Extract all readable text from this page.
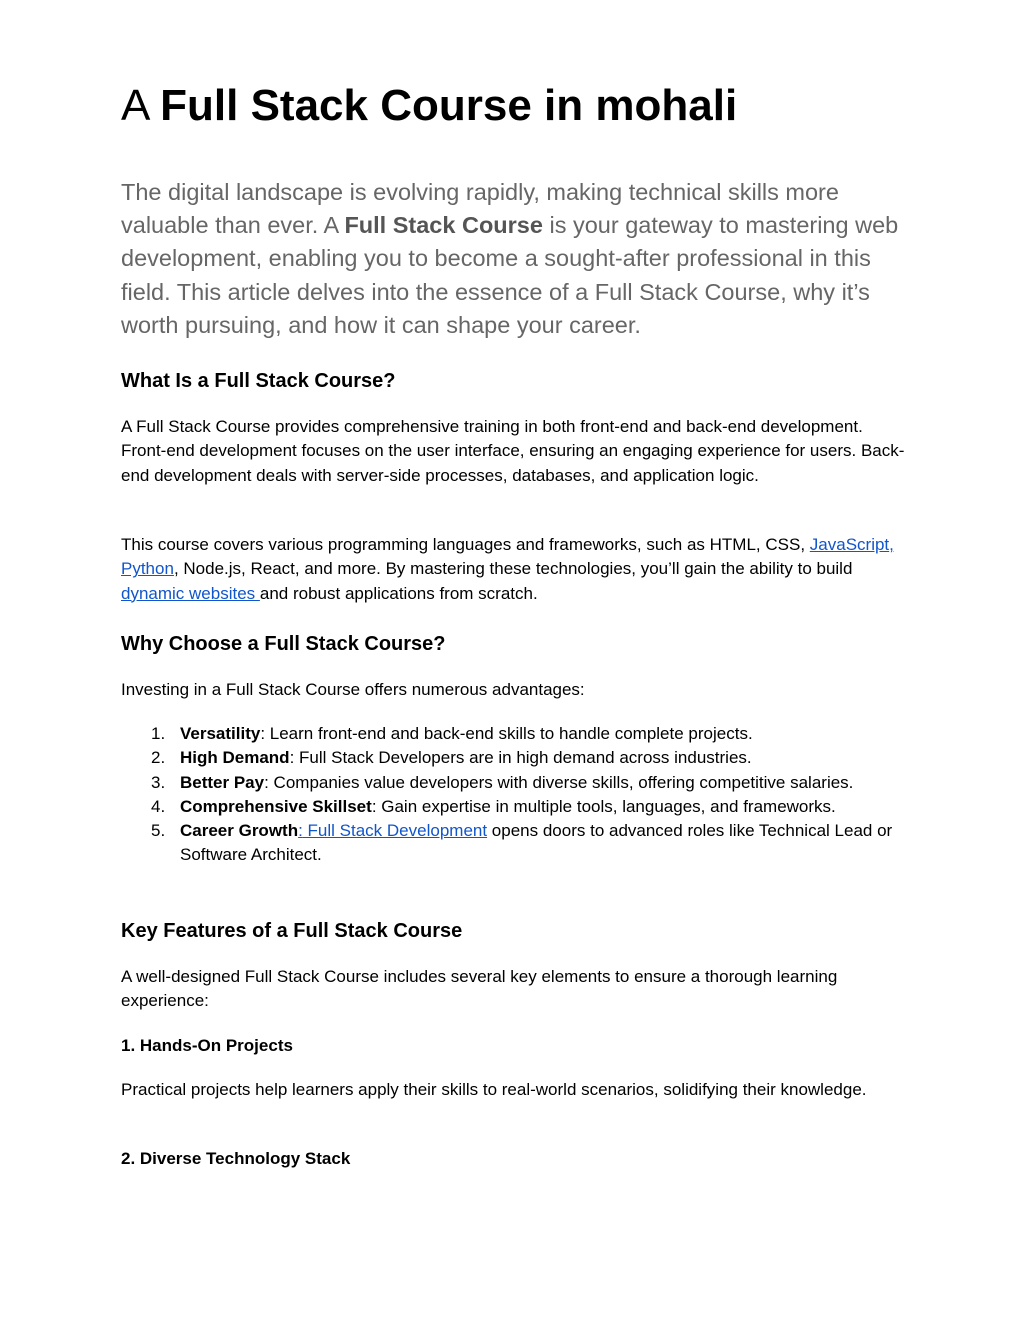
A Full Stack Course in mohali

The digital landscape is evolving rapidly, making technical skills more valuable than ever. A Full Stack Course is your gateway to mastering web development, enabling you to become a sought-after professional in this field. This article delves into the essence of a Full Stack Course, why it’s worth pursuing, and how it can shape your career.

What Is a Full Stack Course?

A Full Stack Course provides comprehensive training in both front-end and back-end development. Front-end development focuses on the user interface, ensuring an engaging experience for users. Back-end development deals with server-side processes, databases, and application logic.

This course covers various programming languages and frameworks, such as HTML, CSS, JavaScript, Python, Node.js, React, and more. By mastering these technologies, you’ll gain the ability to build dynamic websites and robust applications from scratch.

Why Choose a Full Stack Course?

Investing in a Full Stack Course offers numerous advantages:

1. Versatility: Learn front-end and back-end skills to handle complete projects.
2. High Demand: Full Stack Developers are in high demand across industries.
3. Better Pay: Companies value developers with diverse skills, offering competitive salaries.
4. Comprehensive Skillset: Gain expertise in multiple tools, languages, and frameworks.
5. Career Growth: Full Stack Development opens doors to advanced roles like Technical Lead or Software Architect.
Key Features of a Full Stack Course

A well-designed Full Stack Course includes several key elements to ensure a thorough learning experience:

1. Hands-On Projects

Practical projects help learners apply their skills to real-world scenarios, solidifying their knowledge.

2. Diverse Technology Stack
